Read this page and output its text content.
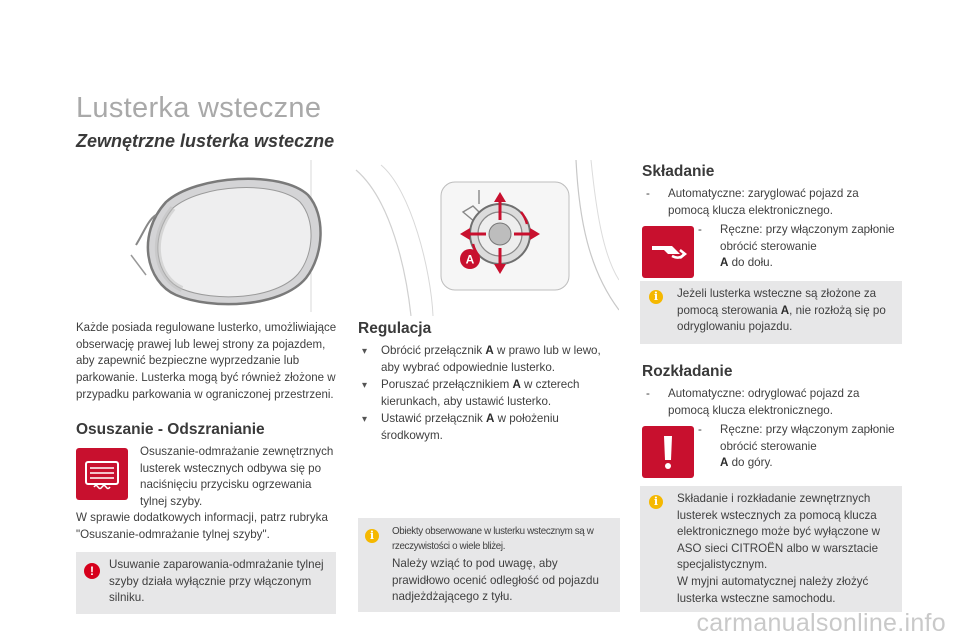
Lusterka wsteczne
Zewnętrzne lusterka wsteczne
A
Każde posiada regulowane lusterko, umożliwiające obserwację prawej lub lewej strony za pojazdem, aby zapewnić bezpieczne wyprzedzanie lub parkowanie. Lusterka mogą być również złożone w przypadku parkowania w ograniczonej przestrzeni.
Osuszanie - Odszranianie
Osuszanie-odmrażanie zewnętrznych lusterek wstecznych odbywa się po naciśnięciu przycisku ogrzewania tylnej szyby.
W sprawie dodatkowych informacji, patrz rubryka "Osuszanie-odmrażanie tylnej szyby".
!	Usuwanie zaparowania-odmrażanie tylnej szyby działa wyłącznie przy włączonym silniku.
Regulacja
▾	Obrócić przełącznik A w prawo lub w lewo, aby wybrać odpowiednie lusterko.
▾	Poruszać przełącznikiem A w czterech kierunkach, aby ustawić lusterko.
▾	Ustawić przełącznik A w położeniu środkowym.
i	Obiekty obserwowane w lusterku wstecznym są w rzeczywistości o wiele bliżej.
Należy wziąć to pod uwagę, aby prawidłowo ocenić odległość od pojazdu nadjeżdżającego z tyłu.
Składanie
-	Automatyczne: zaryglować pojazd za pomocą klucza elektronicznego.
-	Ręczne: przy włączonym zapłonie obrócić sterowanie
A do dołu.
i	Jeżeli lusterka wsteczne są złożone za pomocą sterowania A, nie rozłożą się po odryglowaniu pojazdu.
Rozkładanie
-	Automatyczne: odryglować pojazd za pomocą klucza elektronicznego.
-	Ręczne: przy włączonym zapłonie obrócić sterowanie
A do góry.
i	Składanie i rozkładanie zewnętrznych lusterek wstecznych za pomocą klucza elektronicznego może być wyłączone w ASO sieci CITROËN albo w warsztacie specjalistycznym.
W myjni automatycznej należy złożyć lusterka wsteczne samochodu.
carmanualsonline.info
